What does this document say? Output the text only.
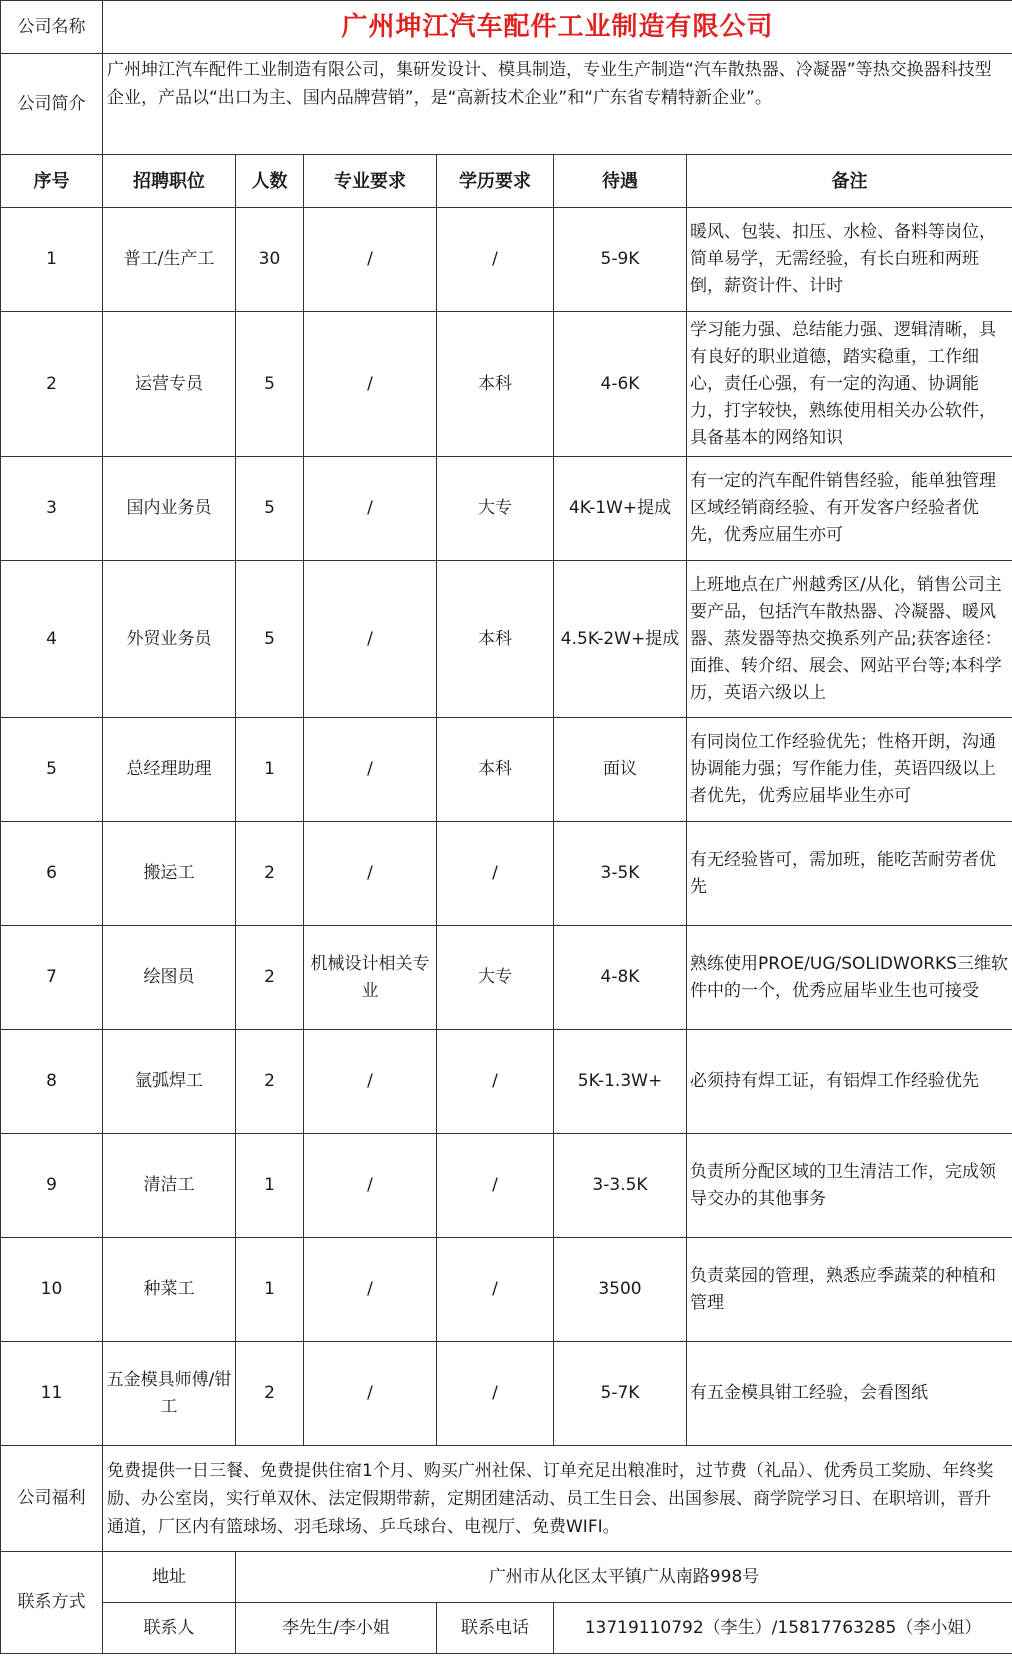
公司名称	广州坤江汽车配件工业制造有限公司					
公司简介	广州坤江汽车配件工业制造有限公司，集研发设计、模具制造，专业生产制造“汽车散热器、冷凝器”等热交换器科技型企业，产品以“出口为主、国内品牌营销”，是“高新技术企业”和“广东省专精特新企业”。					
序号	招聘职位	人数	专业要求	学历要求	待遇	备注
1	普工/生产工	30	/	/	5-9K	暖风、包装、扣压、水检、备料等岗位，简单易学，无需经验，有长白班和两班倒，薪资计件、计时

2	运营专员	5	/	本科	4-6K	学习能力强、总结能力强、逻辑清晰，具有良好的职业道德，踏实稳重，工作细心，责任心强，有一定的沟通、协调能力，打字较快，熟练使用相关办公软件，具备基本的网络知识

3	国内业务员	5	/	大专	4K-1W+提成	有一定的汽车配件销售经验，能单独管理区域经销商经验、有开发客户经验者优先，优秀应届生亦可

4	外贸业务员	5	/	本科	4.5K-2W+提成	上班地点在广州越秀区/从化，销售公司主要产品，包括汽车散热器、冷凝器、暖风器、蒸发器等热交换系列产品;获客途径：面推、转介绍、展会、网站平台等;本科学历，英语六级以上

5	总经理助理	1	/	本科	面议	有同岗位工作经验优先；性格开朗，沟通协调能力强；写作能力佳，英语四级以上者优先，优秀应届毕业生亦可

6	搬运工	2	/	/	3-5K	有无经验皆可，需加班，能吃苦耐劳者优先

7	绘图员	2	机械设计相关专业	大专	4-8K	熟练使用PROE/UG/SOLIDWORKS三维软件中的一个，优秀应届毕业生也可接受

8	氩弧焊工	2	/	/	5K-1.3W+	必须持有焊工证，有铝焊工作经验优先

9	清洁工	1	/	/	3-3.5K	负责所分配区域的卫生清洁工作，完成领导交办的其他事务

10	种菜工	1	/	/	3500	负责菜园的管理，熟悉应季蔬菜的种植和管理

11	五金模具师傅/钳工	2	/	/	5-7K	有五金模具钳工经验，会看图纸

公司福利	免费提供一日三餐、免费提供住宿1个月、购买广州社保、订单充足出粮准时，过节费（礼品）、优秀员工奖励、年终奖励、办公室岗，实行单双休、法定假期带薪，定期团建活动、员工生日会、出国参展、商学院学习日、在职培训，晋升通道，厂区内有篮球场、羽毛球场、乒乓球台、电视厅、免费WIFI。					
联系方式	地址	广州市从化区太平镇广从南路998号				
	联系人	李先生/李小姐		联系电话	13719110792（李生）/15817763285（李小姐）	
